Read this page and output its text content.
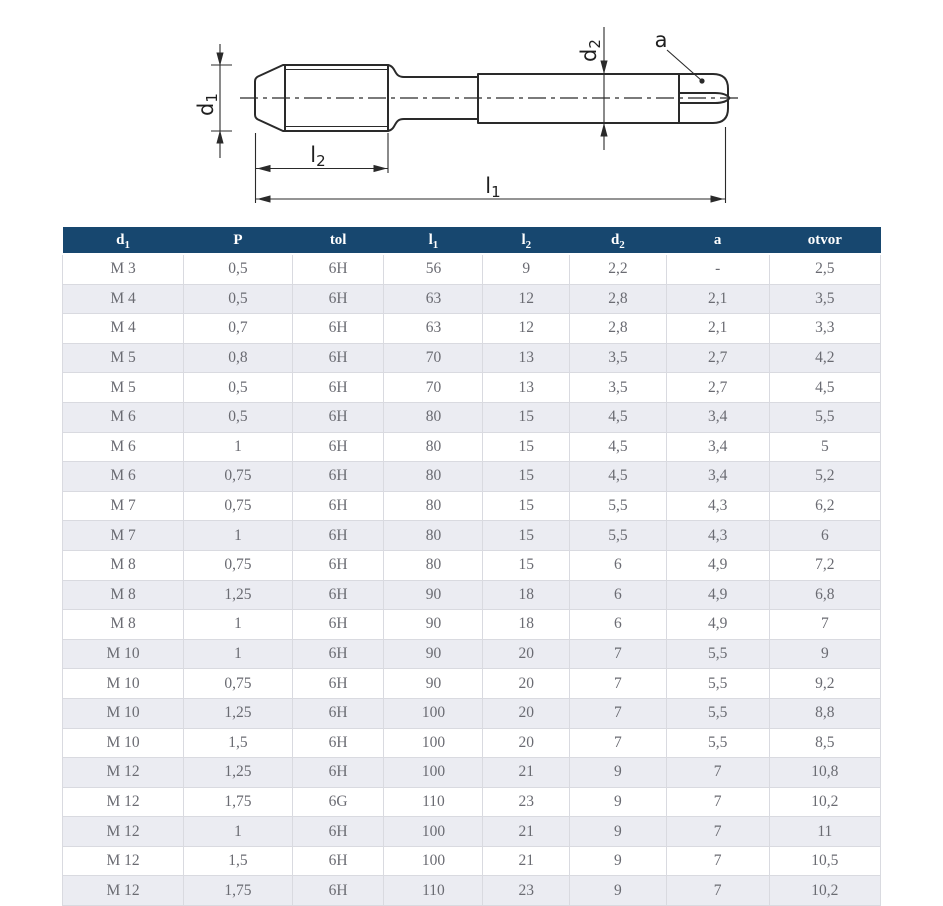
d1
d2 a
l2
l1
$d_1$	P	tol	$l_1$	$l_2$	$d_2$	a	otvor
M 3	0,5	6H	56	9	2,2	-	2,5
M 4	0,5	6H	63	12	2,8	2,1	3,5
M 4	0,7	6H	63	12	2,8	2,1	3,3
M 5	0,8	6H	70	13	3,5	2,7	4,2
M 5	0,5	6H	70	13	3,5	2,7	4,5
M 6	0,5	6H	80	15	4,5	3,4	5,5
M 6	1	6H	80	15	4,5	3,4	5
M 6	0,75	6H	80	15	4,5	3,4	5,2
M 7	0,75	6H	80	15	5,5	4,3	6,2
M 7	1	6H	80	15	5,5	4,3	6
M 8	0,75	6H	80	15	6	4,9	7,2
M 8	1,25	6H	90	18	6	4,9	6,8
M 8	1	6H	90	18	6	4,9	7
M 10	1	6H	90	20	7	5,5	9
M 10	0,75	6H	90	20	7	5,5	9,2
M 10	1,25	6H	100	20	7	5,5	8,8
M 10	1,5	6H	100	20	7	5,5	8,5
M 12	1,25	6H	100	21	9	7	10,8
M 12	1,75	6G	110	23	9	7	10,2
M 12	1	6H	100	21	9	7	11
M 12	1,5	6H	100	21	9	7	10,5
M 12	1,75	6H	110	23	9	7	10,2
